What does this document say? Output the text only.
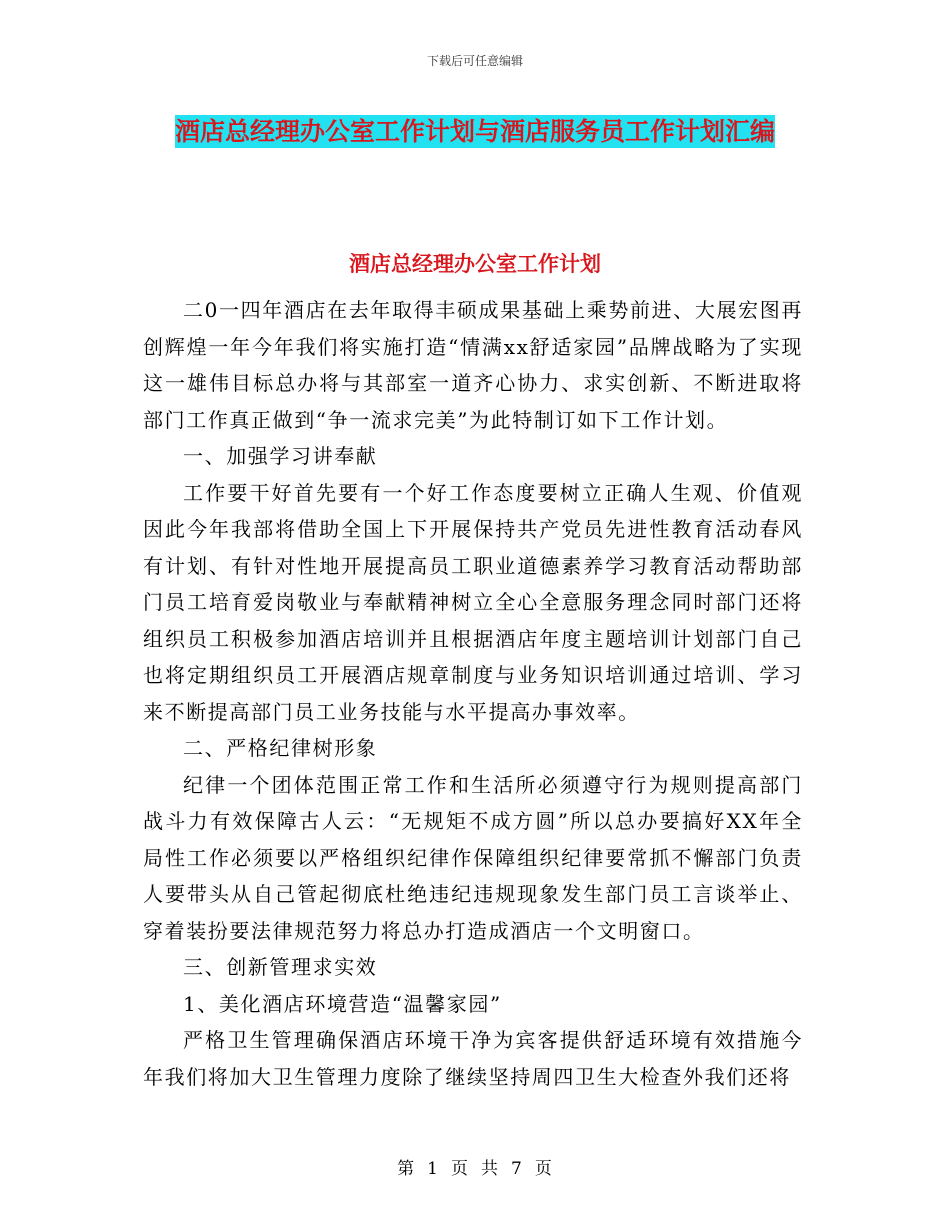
下载后可任意编辑
酒店总经理办公室工作计划与酒店服务员工作计划汇编
酒店总经理办公室工作计划

二0一四年酒店在去年取得丰硕成果基础上乘势前进、大展宏图再创辉煌一年今年我们将实施打造“情满xx舒适家园”品牌战略为了实现这一雄伟目标总办将与其部室一道齐心协力、求实创新、不断进取将部门工作真正做到“争一流求完美”为此特制订如下工作计划。

一、加强学习讲奉献

工作要干好首先要有一个好工作态度要树立正确人生观、价值观因此今年我部将借助全国上下开展保持共产党员先进性教育活动春风有计划、有针对性地开展提高员工职业道德素养学习教育活动帮助部门员工培育爱岗敬业与奉献精神树立全心全意服务理念同时部门还将组织员工积极参加酒店培训并且根据酒店年度主题培训计划部门自己也将定期组织员工开展酒店规章制度与业务知识培训通过培训、学习来不断提高部门员工业务技能与水平提高办事效率。

二、严格纪律树形象

纪律一个团体范围正常工作和生活所必须遵守行为规则提高部门战斗力有效保障古人云：“无规矩不成方圆”所以总办要搞好XX年全局性工作必须要以严格组织纪律作保障组织纪律要常抓不懈部门负责人要带头从自己管起彻底杜绝违纪违规现象发生部门员工言谈举止、穿着装扮要法律规范努力将总办打造成酒店一个文明窗口。

三、创新管理求实效

1、美化酒店环境营造“温馨家园”

严格卫生管理确保酒店环境干净为宾客提供舒适环境有效措施今年我们将加大卫生管理力度除了继续坚持周四卫生大检查外我们还将

第 1 页 共 7 页
